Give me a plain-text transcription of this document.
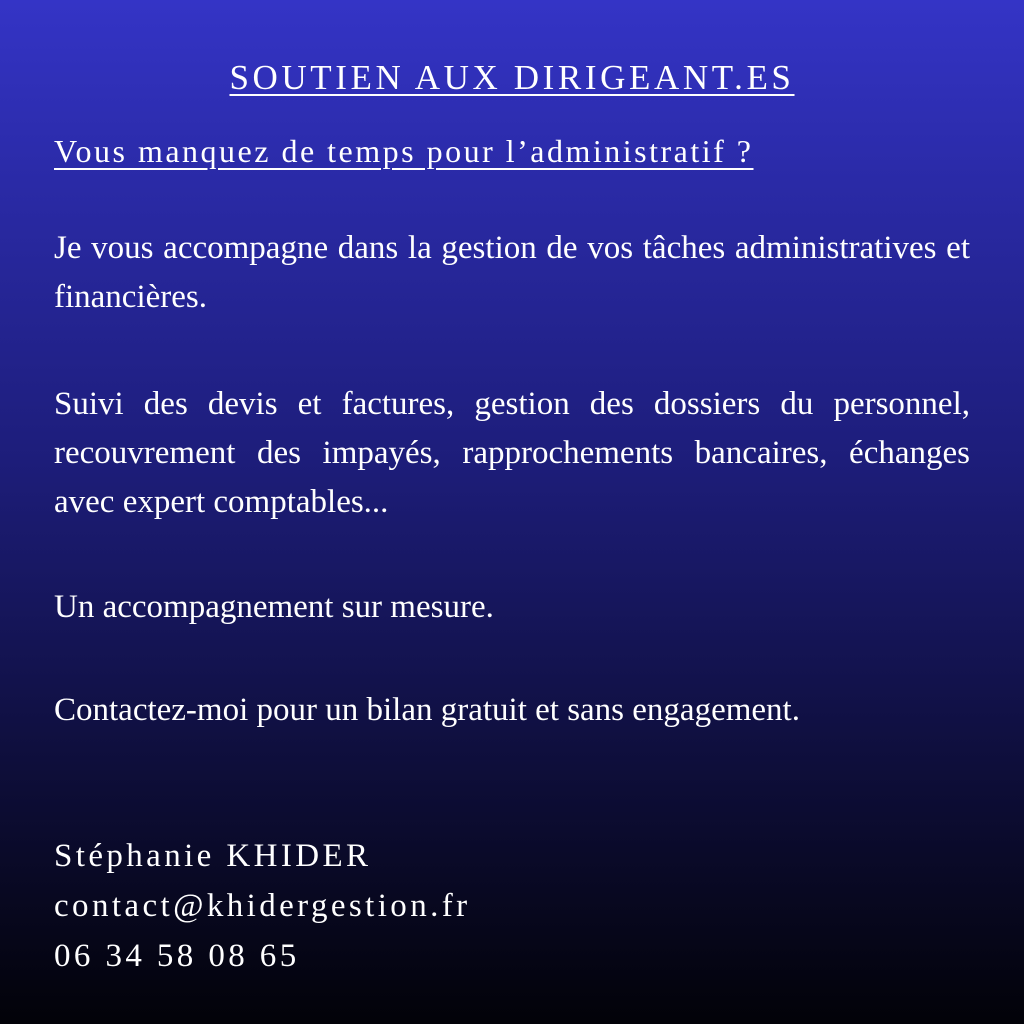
SOUTIEN AUX DIRIGEANT.ES
Vous manquez de temps pour l’administratif ?

Je vous accompagne dans la gestion de vos tâches administratives et financières.

Suivi des devis et factures, gestion des dossiers du personnel, recouvrement des impayés, rapprochements bancaires, échanges avec expert comptables...

Un accompagnement sur mesure.

Contactez-moi pour un bilan gratuit et sans engagement.

Stéphanie KHIDER
contact@khidergestion.fr
06 34 58 08 65
